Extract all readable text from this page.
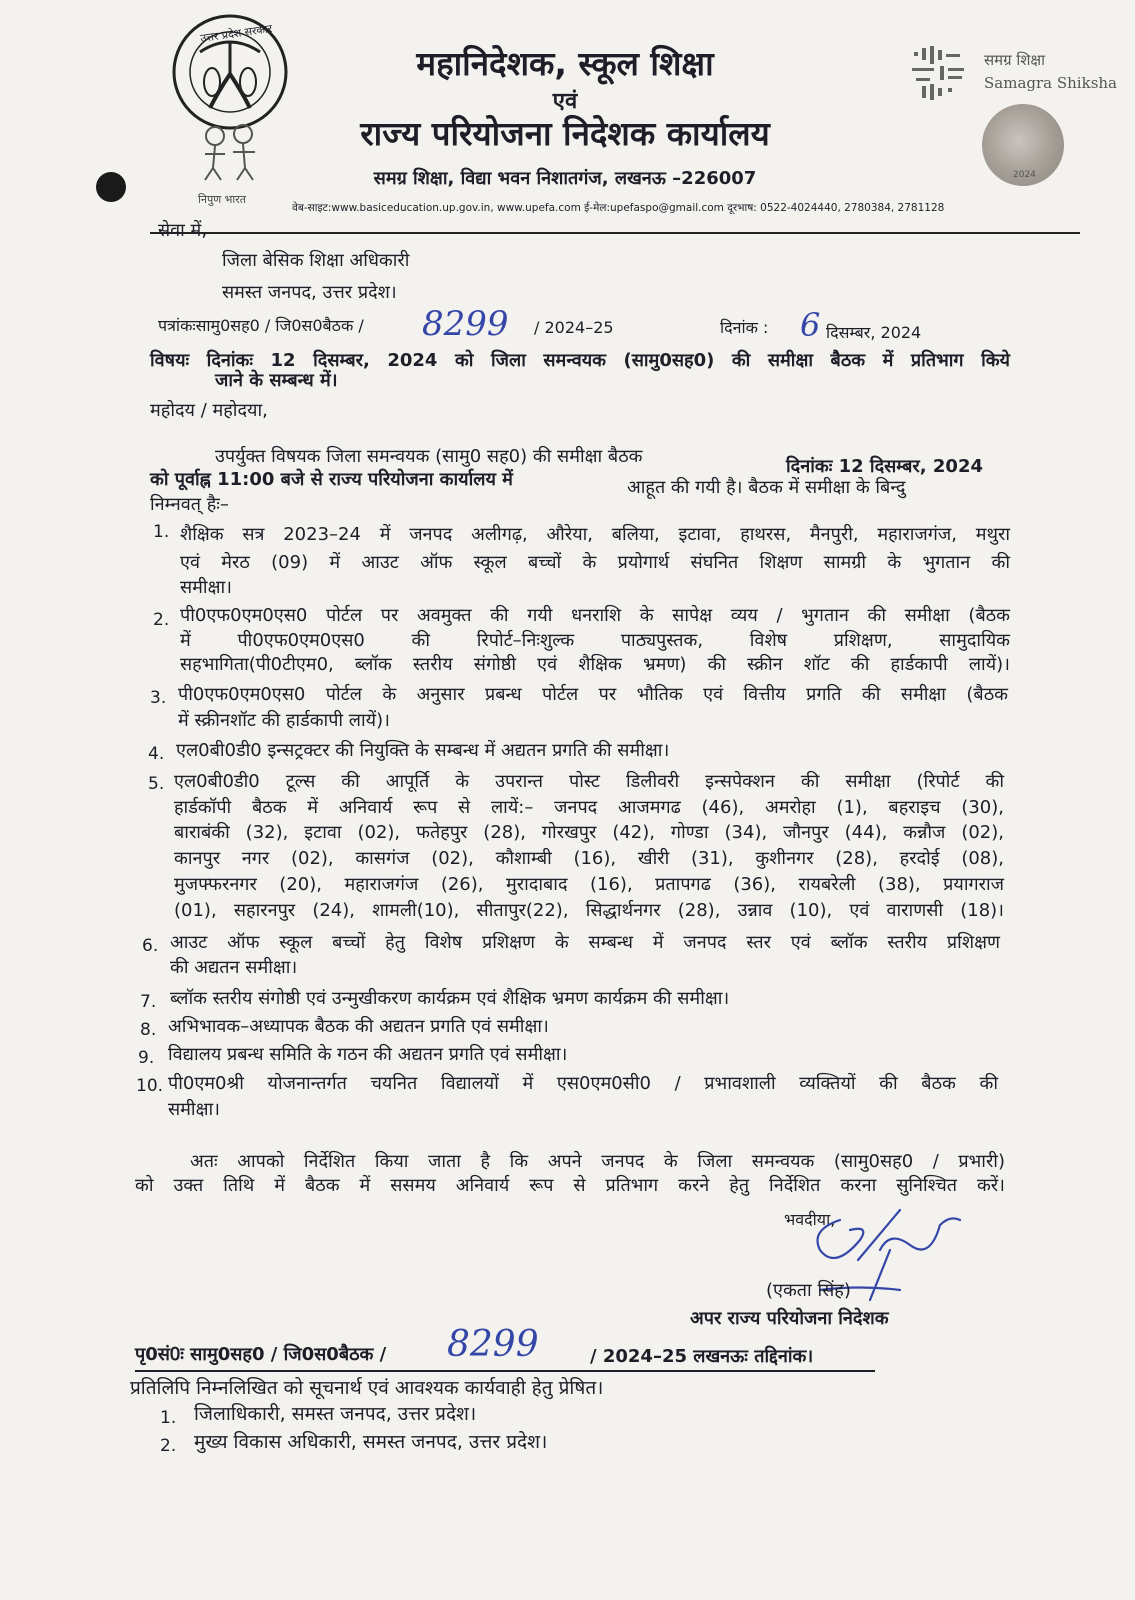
उत्तर प्रदेश सरकार
निपुण भारत
महानिदेशक, स्कूल शिक्षा
एवं
राज्य परियोजना निदेशक कार्यालय
समग्र शिक्षा, विद्या भवन निशातगंज, लखनऊ –226007
वेब-साइट:www.basiceducation.up.gov.in, www.upefa.com ई-मेल:upefaspo@gmail.com दूरभाष: 0522-4024440, 2780384, 2781128
समग्र शिक्षा
Samagra Shiksha
2024
सेवा में,
जिला बेसिक शिक्षा अधिकारी
समस्त जनपद, उत्तर प्रदेश।
पत्रांकःसामु0सह0 / जि0स0बैठक / 8299 / 2024–25	दिनांक : 6 दिसम्बर, 2024
विषयः दिनांकः 12 दिसम्बर, 2024 को जिला समन्वयक (सामु0सह0) की समीक्षा बैठक में प्रतिभाग किये
जाने के सम्बन्ध में।
महोदय / महोदया,
उपर्युक्त विषयक जिला समन्वयक (सामु0 सह0) की समीक्षा बैठक	दिनांकः 12 दिसम्बर, 2024
को पूर्वाह्न 11:00 बजे से राज्य परियोजना कार्यालय में	आहूत की गयी है। बैठक में समीक्षा के बिन्दु
निम्नवत् हैः–
1. शैक्षिक सत्र 2023–24 में जनपद अलीगढ़, औरेया, बलिया, इटावा, हाथरस, मैनपुरी, महाराजगंज, मथुरा
एवं मेरठ (09) में आउट ऑफ स्कूल बच्चों के प्रयोगार्थ संघनित शिक्षण सामग्री के भुगतान की
समीक्षा।
2. पी0एफ0एम0एस0 पोर्टल पर अवमुक्त की गयी धनराशि के सापेक्ष व्यय / भुगतान की समीक्षा (बैठक
में पी0एफ0एम0एस0 की रिपोर्ट–निःशुल्क पाठ्यपुस्तक, विशेष प्रशिक्षण, सामुदायिक
सहभागिता(पी0टीएम0, ब्लॉक स्तरीय संगोष्ठी एवं शैक्षिक भ्रमण) की स्क्रीन शॉट की हार्डकापी लायें)।
3. पी0एफ0एम0एस0 पोर्टल के अनुसार प्रबन्ध पोर्टल पर भौतिक एवं वित्तीय प्रगति की समीक्षा (बैठक
में स्क्रीनशॉट की हार्डकापी लायें)।
4. एल0बी0डी0 इन्सट्रक्टर की नियुक्ति के सम्बन्ध में अद्यतन प्रगति की समीक्षा।
5. एल0बी0डी0 टूल्स की आपूर्ति के उपरान्त पोस्ट डिलीवरी इन्सपेक्शन की समीक्षा (रिपोर्ट की
हार्डकॉपी बैठक में अनिवार्य रूप से लायें:– जनपद आजमगढ (46), अमरोहा (1), बहराइच (30),
बाराबंकी (32), इटावा (02), फतेहपुर (28), गोरखपुर (42), गोण्डा (34), जौनपुर (44), कन्नौज (02),
कानपुर नगर (02), कासगंज (02), कौशाम्बी (16), खीरी (31), कुशीनगर (28), हरदोई (08),
मुजफ्फरनगर (20), महाराजगंज (26), मुरादाबाद (16), प्रतापगढ (36), रायबरेली (38), प्रयागराज
(01), सहारनपुर (24), शामली(10), सीतापुर(22), सिद्धार्थनगर (28), उन्नाव (10), एवं वाराणसी (18)।
6. आउट ऑफ स्कूल बच्चों हेतु विशेष प्रशिक्षण के सम्बन्ध में जनपद स्तर एवं ब्लॉक स्तरीय प्रशिक्षण
की अद्यतन समीक्षा।
7. ब्लॉक स्तरीय संगोष्ठी एवं उन्मुखीकरण कार्यक्रम एवं शैक्षिक भ्रमण कार्यक्रम की समीक्षा।
8. अभिभावक–अध्यापक बैठक की अद्यतन प्रगति एवं समीक्षा।
9. विद्यालय प्रबन्ध समिति के गठन की अद्यतन प्रगति एवं समीक्षा।
10. पी0एम0श्री योजनान्तर्गत चयनित विद्यालयों में एस0एम0सी0 / प्रभावशाली व्यक्तियों की बैठक की
समीक्षा।
अतः आपको निर्देशित किया जाता है कि अपने जनपद के जिला समन्वयक (सामु0सह0 / प्रभारी)
को उक्त तिथि में बैठक में ससमय अनिवार्य रूप से प्रतिभाग करने हेतु निर्देशित करना सुनिश्चित करें।
भवदीया,
(एकता सिंह)
अपर राज्य परियोजना निदेशक
पृ0सं0ः सामु0सह0 / जि0स0बैठक / 8299	/ 2024–25 लखनऊः तद्दिनांक।
प्रतिलिपि निम्नलिखित को सूचनार्थ एवं आवश्यक कार्यवाही हेतु प्रेषित।
1. जिलाधिकारी, समस्त जनपद, उत्तर प्रदेश।
2. मुख्य विकास अधिकारी, समस्त जनपद, उत्तर प्रदेश।
